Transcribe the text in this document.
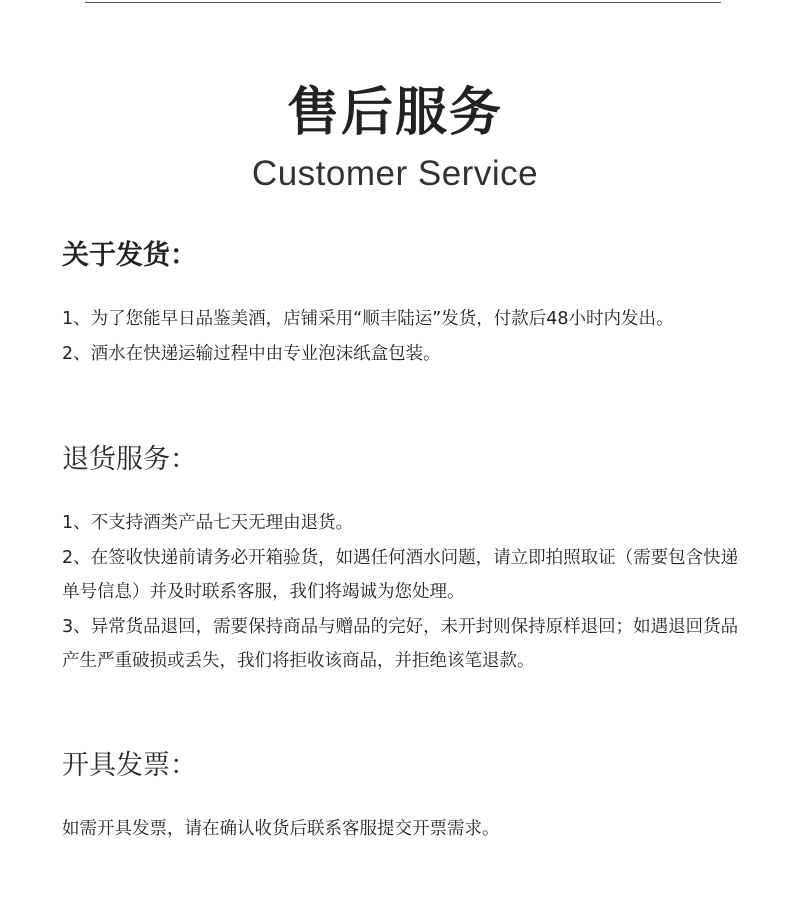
售后服务
Customer Service
关于发货：

1、为了您能早日品鉴美酒，店铺采用“顺丰陆运”发货，付款后48小时内发出。

2、酒水在快递运输过程中由专业泡沫纸盒包装。

退货服务：

1、不支持酒类产品七天无理由退货。

2、在签收快递前请务必开箱验货，如遇任何酒水问题，请立即拍照取证（需要包含快递单号信息）并及时联系客服，我们将竭诚为您处理。

3、异常货品退回，需要保持商品与赠品的完好，未开封则保持原样退回；如遇退回货品产生严重破损或丢失，我们将拒收该商品，并拒绝该笔退款。

开具发票：

如需开具发票，请在确认收货后联系客服提交开票需求。
